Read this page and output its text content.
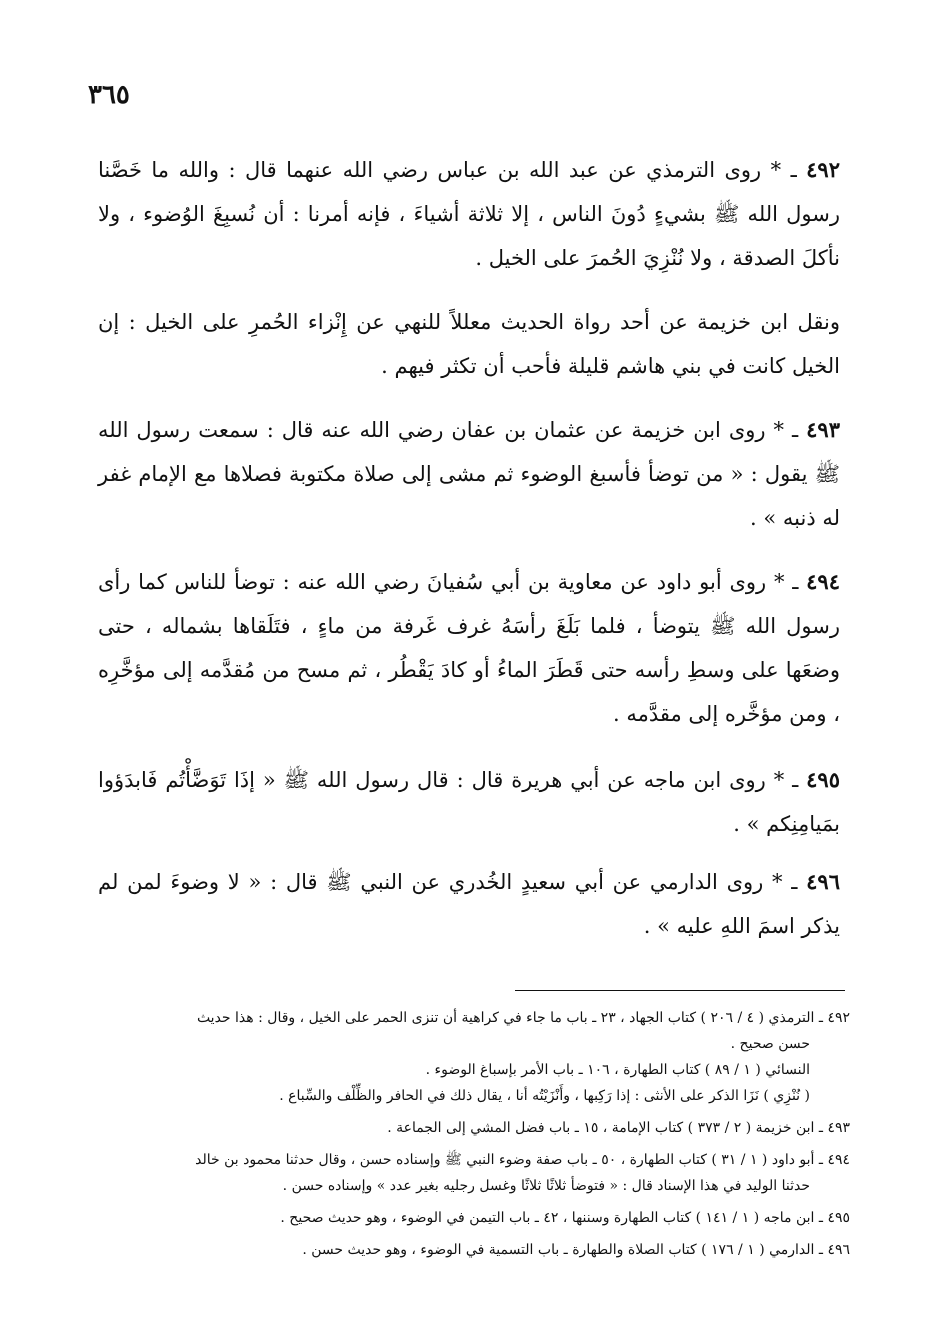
٣٦٥

٤٩٢ ـ * روى الترمذي عن عبد الله بن عباس رضي الله عنهما قال : والله ما خَصَّنا رسول الله ﷺ بشيءٍ دُونَ الناس ، إلا ثلاثة أشياءَ ، فإنه أمرنا : أن نُسبِغَ الوُضوء ، ولا نأكلَ الصدقة ، ولا نُنْزِيَ الحُمرَ على الخيل .

ونقل ابن خزيمة عن أحد رواة الحديث معللاً للنهي عن إِنْزاء الحُمرِ على الخيل : إن الخيل كانت في بني هاشم قليلة فأحب أن تكثر فيهم .

٤٩٣ ـ * روى ابن خزيمة عن عثمان بن عفان رضي الله عنه قال : سمعت رسول الله ﷺ يقول : « من توضأ فأسبغ الوضوء ثم مشى إلى صلاة مكتوبة فصلاها مع الإمام غفر له ذنبه » .

٤٩٤ ـ * روى أبو داود عن معاوية بن أبي سُفيانَ رضي الله عنه : توضأ للناس كما رأى رسول الله ﷺ يتوضأ ، فلما بَلَغَ رأسَهُ غرف غَرفة من ماءٍ ، فتَلَقاها بشماله ، حتى وضعَها على وسطِ رأسه حتى قَطَرَ الماءُ أو كادَ يَقْطُر ، ثم مسح من مُقدَّمه إلى مؤخَّرِه ، ومن مؤخَّره إلى مقدَّمه .

٤٩٥ ـ * روى ابن ماجه عن أبي هريرة قال : قال رسول الله ﷺ « إذَا تَوَضَّأْتُم فَابدَؤوا بمَيامِنِكم » .

٤٩٦ ـ * روى الدارمي عن أبي سعيدٍ الخُدري عن النبي ﷺ قال : « لا وضوءَ لمن لم يذكر اسمَ اللهِ عليه » .

٤٩٢ ـ الترمذي ( ٤ / ٢٠٦ ) كتاب الجهاد ، ٢٣ ـ باب ما جاء في كراهية أن تنزى الحمر على الخيل ، وقال : هذا حديث

حسن صحيح .

النسائي ( ١ / ٨٩ ) كتاب الطهارة ، ١٠٦ ـ باب الأمر بإسباغ الوضوء .

( نُنْزِي ) نَزَا الذكر على الأنثى : إذا رَكِبها ، وأَنْزَيْتُه أنا ، يقال ذلك في الحافر والظِّلْف والسِّباع .

٤٩٣ ـ ابن خزيمة ( ٢ / ٣٧٣ ) كتاب الإمامة ، ١٥ ـ باب فضل المشي إلى الجماعة .

٤٩٤ ـ أبو داود ( ١ / ٣١ ) كتاب الطهارة ، ٥٠ ـ باب صفة وضوء النبي ﷺ وإسناده حسن ، وقال حدثنا محمود بن خالد

حدثنا الوليد في هذا الإسناد قال : « فتوضأ ثلاثًا ثلاثًا وغسل رجليه بغير عدد » وإسناده حسن .

٤٩٥ ـ ابن ماجه ( ١ / ١٤١ ) كتاب الطهارة وسننها ، ٤٢ ـ باب التيمن في الوضوء ، وهو حديث صحيح .

٤٩٦ ـ الدارمي ( ١ / ١٧٦ ) كتاب الصلاة والطهارة ـ باب التسمية في الوضوء ، وهو حديث حسن .
